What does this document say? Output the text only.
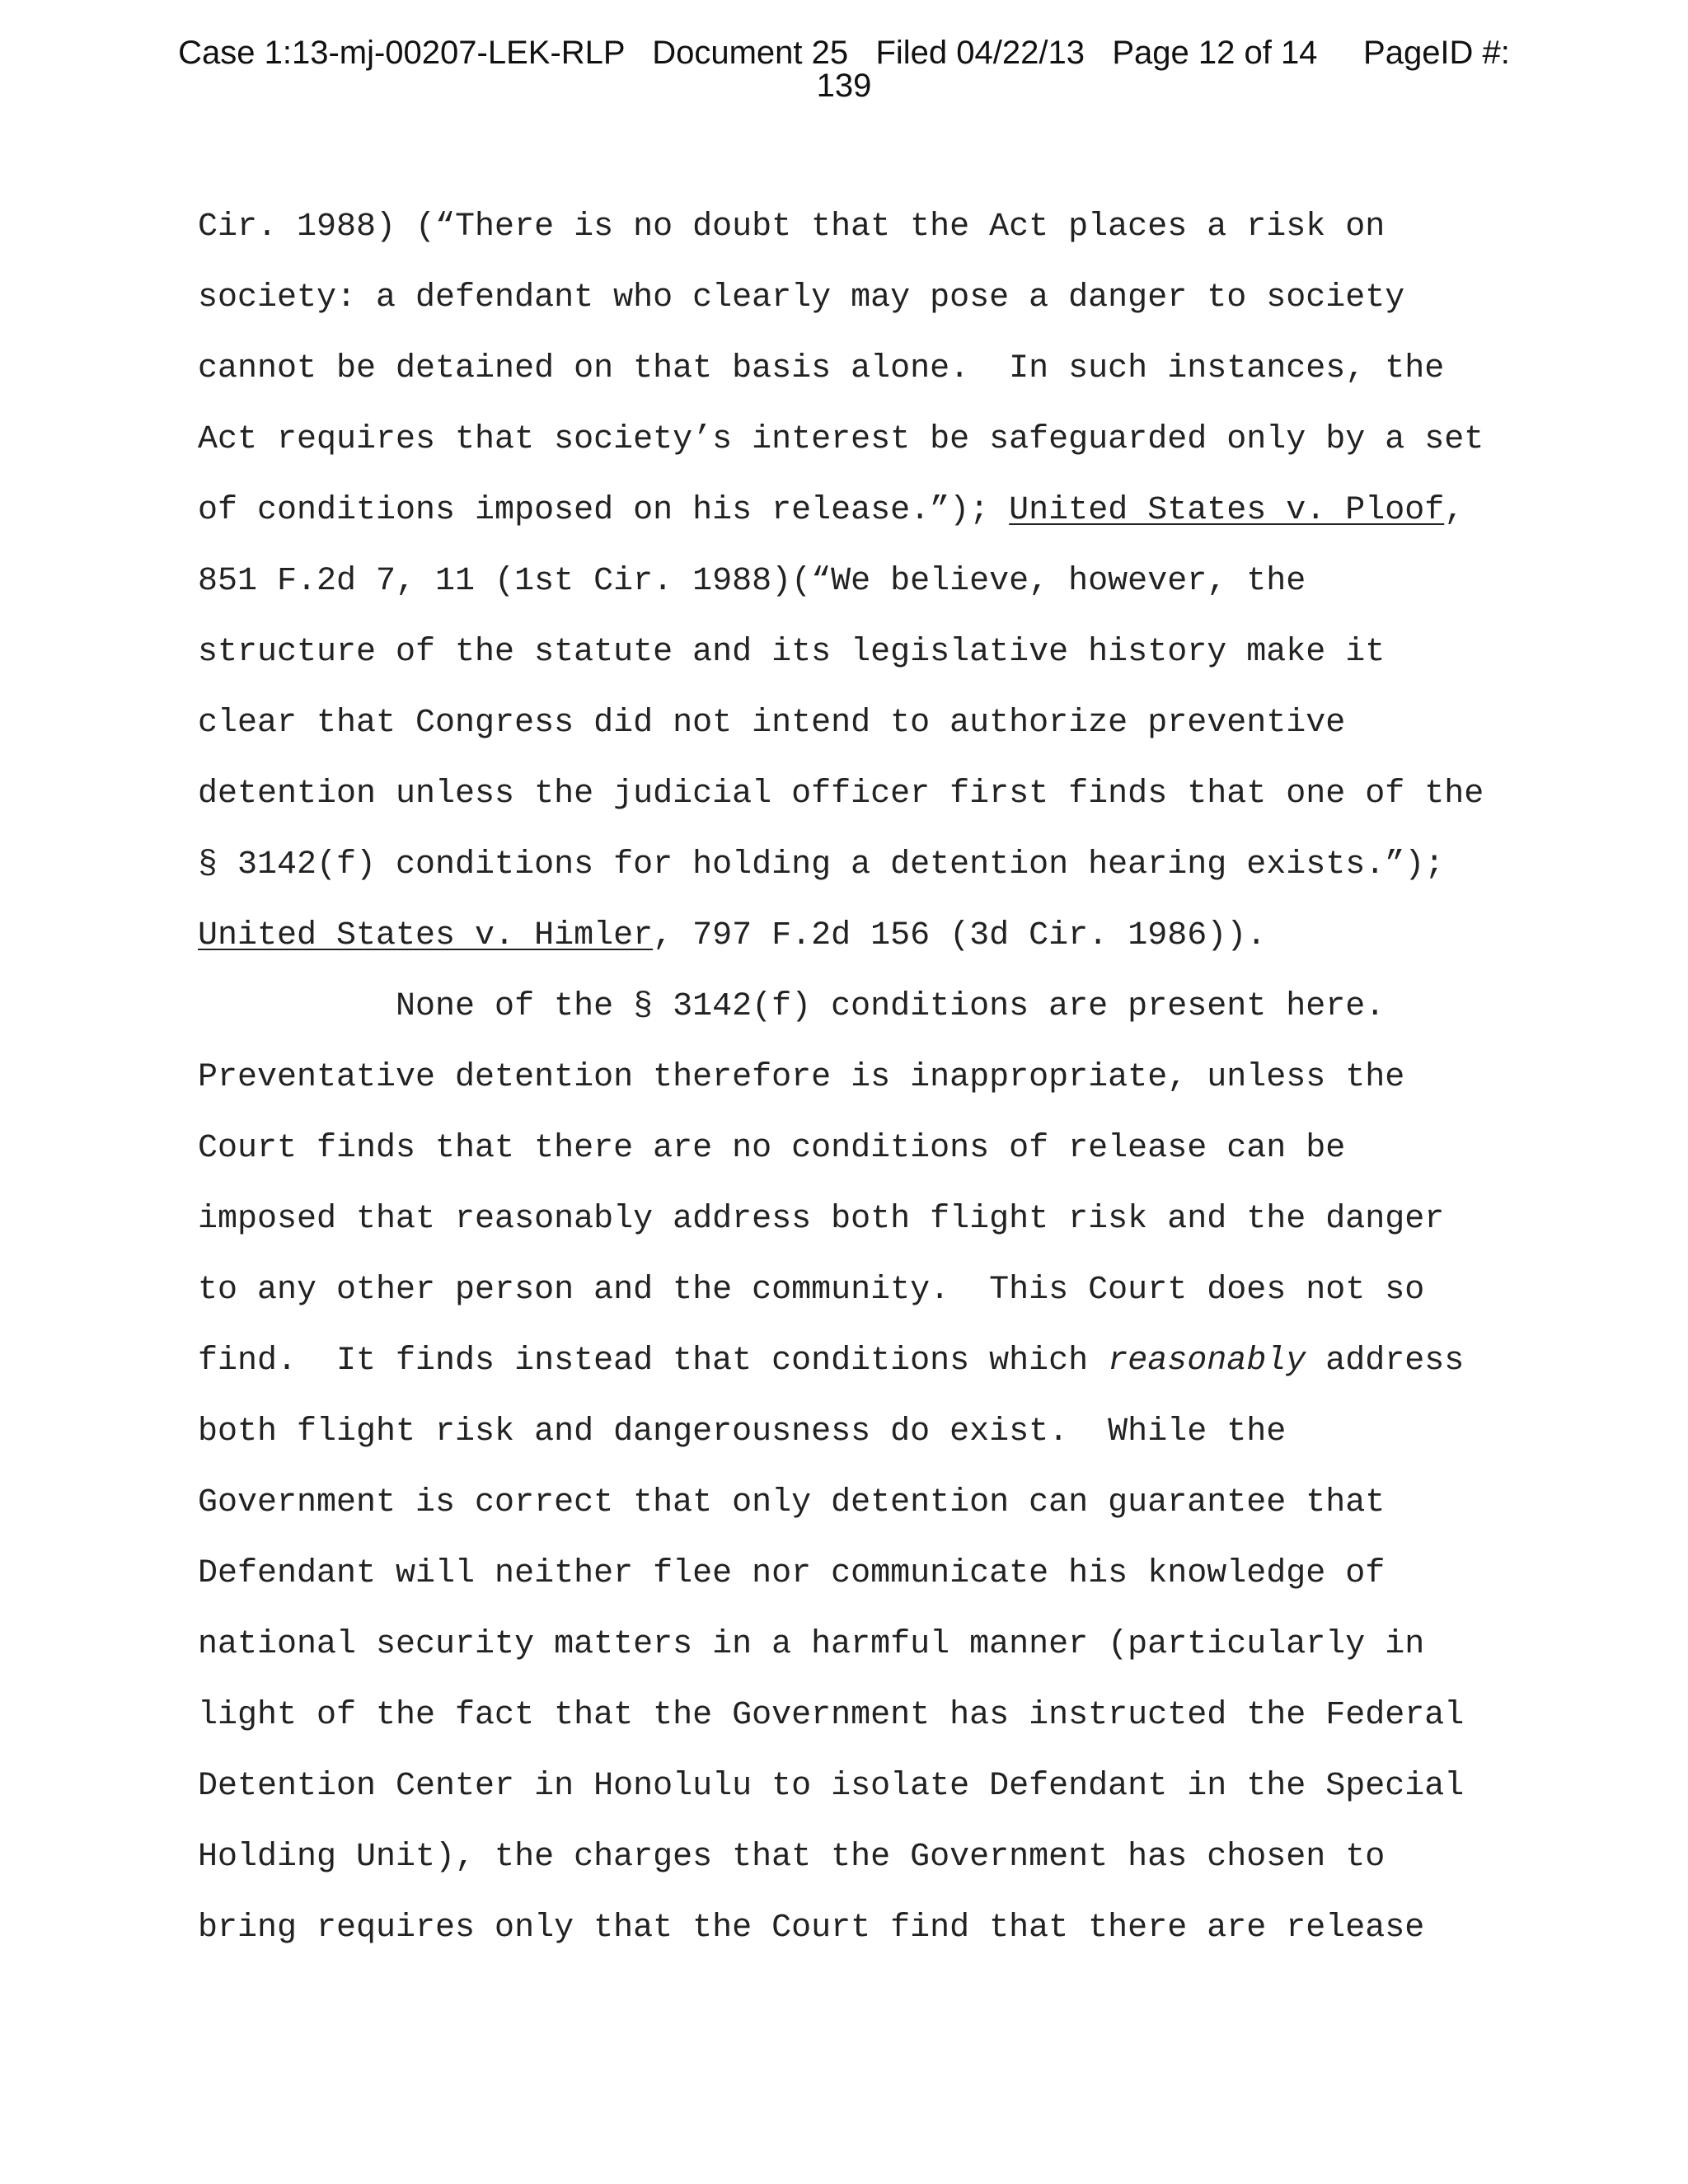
Case 1:13-mj-00207-LEK-RLP Document 25 Filed 04/22/13 Page 12 of 14 PageID #:
139
Cir. 1988) (“There is no doubt that the Act places a risk on
society: a defendant who clearly may pose a danger to society
cannot be detained on that basis alone.  In such instances, the
Act requires that society’s interest be safeguarded only by a set
of conditions imposed on his release.”); United States v. Ploof,
851 F.2d 7, 11 (1st Cir. 1988)(“We believe, however, the
structure of the statute and its legislative history make it
clear that Congress did not intend to authorize preventive
detention unless the judicial officer first finds that one of the
§ 3142(f) conditions for holding a detention hearing exists.”);
United States v. Himler, 797 F.2d 156 (3d Cir. 1986)).
None of the § 3142(f) conditions are present here.
Preventative detention therefore is inappropriate, unless the
Court finds that there are no conditions of release can be
imposed that reasonably address both flight risk and the danger
to any other person and the community.  This Court does not so
find.  It finds instead that conditions which reasonably address
both flight risk and dangerousness do exist.  While the
Government is correct that only detention can guarantee that
Defendant will neither flee nor communicate his knowledge of
national security matters in a harmful manner (particularly in
light of the fact that the Government has instructed the Federal
Detention Center in Honolulu to isolate Defendant in the Special
Holding Unit), the charges that the Government has chosen to
bring requires only that the Court find that there are release
